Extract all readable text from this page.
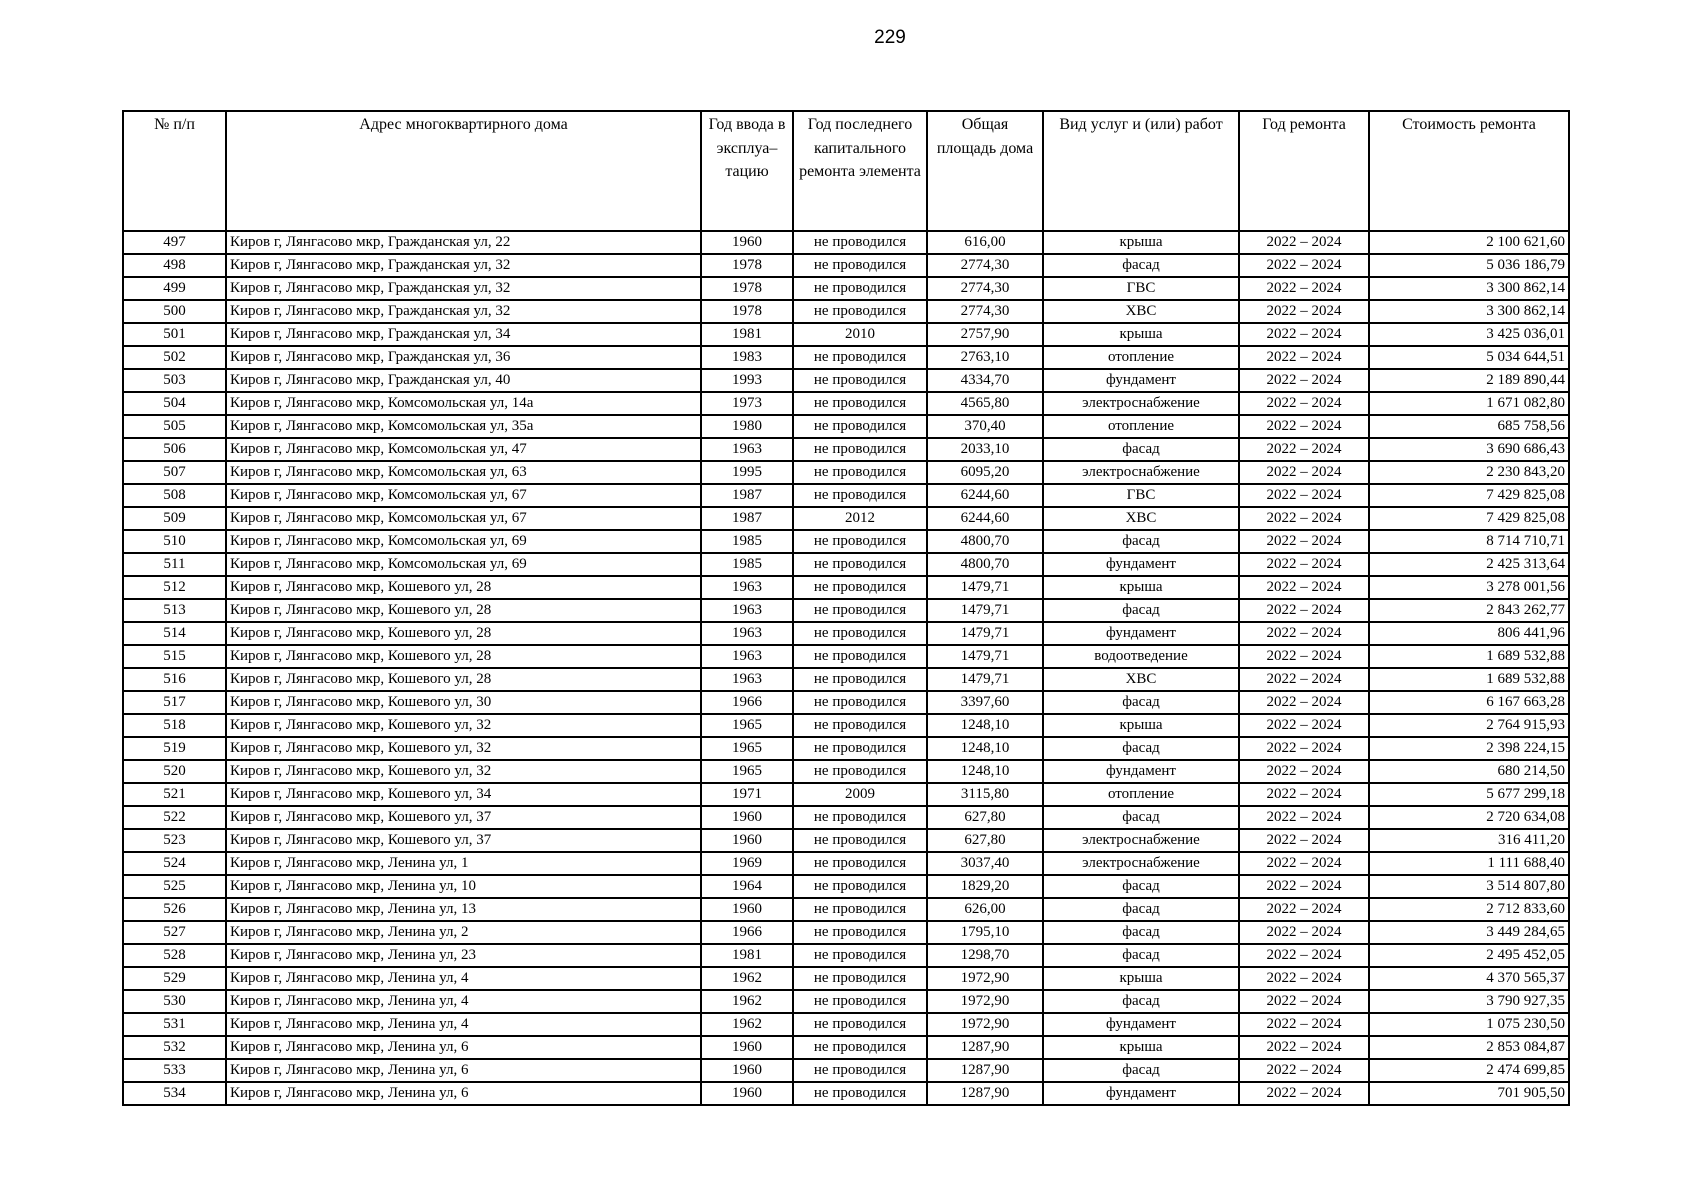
229
№ п/п	Адрес многоквартирного дома	Год ввода в эксплуа–тацию	Год последнего капитального ремонта элемента	Общая площадь дома	Вид услуг и (или) работ	Год ремонта	Стоимость ремонта
497	Киров г, Лянгасово мкр, Гражданская ул, 22	1960	не проводился	616,00	крыша	2022 – 2024	2 100 621,60
498	Киров г, Лянгасово мкр, Гражданская ул, 32	1978	не проводился	2774,30	фасад	2022 – 2024	5 036 186,79
499	Киров г, Лянгасово мкр, Гражданская ул, 32	1978	не проводился	2774,30	ГВС	2022 – 2024	3 300 862,14
500	Киров г, Лянгасово мкр, Гражданская ул, 32	1978	не проводился	2774,30	ХВС	2022 – 2024	3 300 862,14
501	Киров г, Лянгасово мкр, Гражданская ул, 34	1981	2010	2757,90	крыша	2022 – 2024	3 425 036,01
502	Киров г, Лянгасово мкр, Гражданская ул, 36	1983	не проводился	2763,10	отопление	2022 – 2024	5 034 644,51
503	Киров г, Лянгасово мкр, Гражданская ул, 40	1993	не проводился	4334,70	фундамент	2022 – 2024	2 189 890,44
504	Киров г, Лянгасово мкр, Комсомольская ул, 14а	1973	не проводился	4565,80	электроснабжение	2022 – 2024	1 671 082,80
505	Киров г, Лянгасово мкр, Комсомольская ул, 35а	1980	не проводился	370,40	отопление	2022 – 2024	685 758,56
506	Киров г, Лянгасово мкр, Комсомольская ул, 47	1963	не проводился	2033,10	фасад	2022 – 2024	3 690 686,43
507	Киров г, Лянгасово мкр, Комсомольская ул, 63	1995	не проводился	6095,20	электроснабжение	2022 – 2024	2 230 843,20
508	Киров г, Лянгасово мкр, Комсомольская ул, 67	1987	не проводился	6244,60	ГВС	2022 – 2024	7 429 825,08
509	Киров г, Лянгасово мкр, Комсомольская ул, 67	1987	2012	6244,60	ХВС	2022 – 2024	7 429 825,08
510	Киров г, Лянгасово мкр, Комсомольская ул, 69	1985	не проводился	4800,70	фасад	2022 – 2024	8 714 710,71
511	Киров г, Лянгасово мкр, Комсомольская ул, 69	1985	не проводился	4800,70	фундамент	2022 – 2024	2 425 313,64
512	Киров г, Лянгасово мкр, Кошевого ул, 28	1963	не проводился	1479,71	крыша	2022 – 2024	3 278 001,56
513	Киров г, Лянгасово мкр, Кошевого ул, 28	1963	не проводился	1479,71	фасад	2022 – 2024	2 843 262,77
514	Киров г, Лянгасово мкр, Кошевого ул, 28	1963	не проводился	1479,71	фундамент	2022 – 2024	806 441,96
515	Киров г, Лянгасово мкр, Кошевого ул, 28	1963	не проводился	1479,71	водоотведение	2022 – 2024	1 689 532,88
516	Киров г, Лянгасово мкр, Кошевого ул, 28	1963	не проводился	1479,71	ХВС	2022 – 2024	1 689 532,88
517	Киров г, Лянгасово мкр, Кошевого ул, 30	1966	не проводился	3397,60	фасад	2022 – 2024	6 167 663,28
518	Киров г, Лянгасово мкр, Кошевого ул, 32	1965	не проводился	1248,10	крыша	2022 – 2024	2 764 915,93
519	Киров г, Лянгасово мкр, Кошевого ул, 32	1965	не проводился	1248,10	фасад	2022 – 2024	2 398 224,15
520	Киров г, Лянгасово мкр, Кошевого ул, 32	1965	не проводился	1248,10	фундамент	2022 – 2024	680 214,50
521	Киров г, Лянгасово мкр, Кошевого ул, 34	1971	2009	3115,80	отопление	2022 – 2024	5 677 299,18
522	Киров г, Лянгасово мкр, Кошевого ул, 37	1960	не проводился	627,80	фасад	2022 – 2024	2 720 634,08
523	Киров г, Лянгасово мкр, Кошевого ул, 37	1960	не проводился	627,80	электроснабжение	2022 – 2024	316 411,20
524	Киров г, Лянгасово мкр, Ленина ул, 1	1969	не проводился	3037,40	электроснабжение	2022 – 2024	1 111 688,40
525	Киров г, Лянгасово мкр, Ленина ул, 10	1964	не проводился	1829,20	фасад	2022 – 2024	3 514 807,80
526	Киров г, Лянгасово мкр, Ленина ул, 13	1960	не проводился	626,00	фасад	2022 – 2024	2 712 833,60
527	Киров г, Лянгасово мкр, Ленина ул, 2	1966	не проводился	1795,10	фасад	2022 – 2024	3 449 284,65
528	Киров г, Лянгасово мкр, Ленина ул, 23	1981	не проводился	1298,70	фасад	2022 – 2024	2 495 452,05
529	Киров г, Лянгасово мкр, Ленина ул, 4	1962	не проводился	1972,90	крыша	2022 – 2024	4 370 565,37
530	Киров г, Лянгасово мкр, Ленина ул, 4	1962	не проводился	1972,90	фасад	2022 – 2024	3 790 927,35
531	Киров г, Лянгасово мкр, Ленина ул, 4	1962	не проводился	1972,90	фундамент	2022 – 2024	1 075 230,50
532	Киров г, Лянгасово мкр, Ленина ул, 6	1960	не проводился	1287,90	крыша	2022 – 2024	2 853 084,87
533	Киров г, Лянгасово мкр, Ленина ул, 6	1960	не проводился	1287,90	фасад	2022 – 2024	2 474 699,85
534	Киров г, Лянгасово мкр, Ленина ул, 6	1960	не проводился	1287,90	фундамент	2022 – 2024	701 905,50
